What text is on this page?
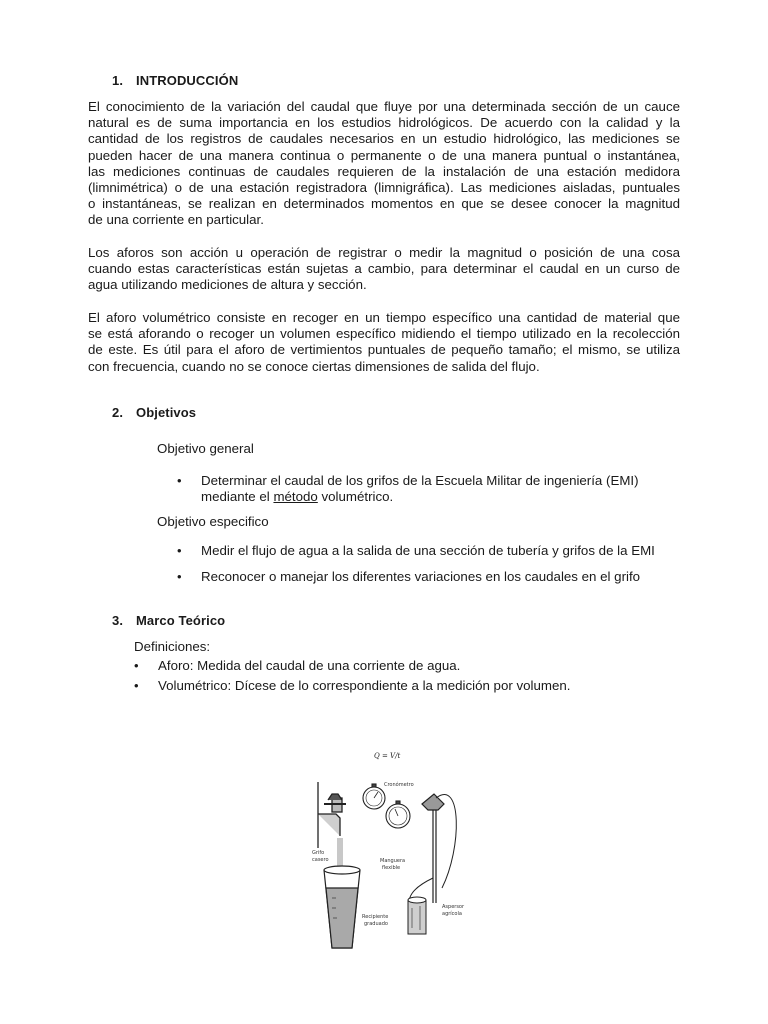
1. INTRODUCCIÓN
El conocimiento de la variación del caudal que fluye por una determinada sección de un cauce
natural es de suma importancia en los estudios hidrológicos. De acuerdo con la calidad y la
cantidad de los registros de caudales necesarios en un estudio hidrológico, las mediciones se
pueden hacer de una manera continua o permanente o de una manera puntual o instantánea,
las mediciones continuas de caudales requieren de la instalación de una estación medidora
(limnimétrica) o de una estación registradora (limnigráfica). Las mediciones aisladas, puntuales
o instantáneas, se realizan en determinados momentos en que se desee conocer la magnitud
de una corriente en particular.
Los aforos son acción u operación de registrar o medir la magnitud o posición de una cosa
cuando estas características están sujetas a cambio, para determinar el caudal en un curso de
agua utilizando mediciones de altura y sección.
El aforo volumétrico consiste en recoger en un tiempo específico una cantidad de material que
se está aforando o recoger un volumen específico midiendo el tiempo utilizado en la recolección
de este. Es útil para el aforo de vertimientos puntuales de pequeño tamaño; el mismo, se utiliza
con frecuencia, cuando no se conoce ciertas dimensiones de salida del flujo.
2. Objetivos
Objetivo general
• Determinar el caudal de los grifos de la Escuela Militar de ingeniería (EMI)
mediante el método volumétrico.
Objetivo especifico
• Medir el flujo de agua a la salida de una sección de tubería y grifos de la EMI
• Reconocer o manejar los diferentes variaciones en los caudales en el grifo
3. Marco Teórico
Definiciones:
• Aforo: Medida del caudal de una corriente de agua.
• Volumétrico: Dícese de lo correspondiente a la medición por volumen.
Q = V/t
Cronómetro
Grifo
casero	Manguera
flexible
Recipiente
graduado
Aspersor
agrícola
